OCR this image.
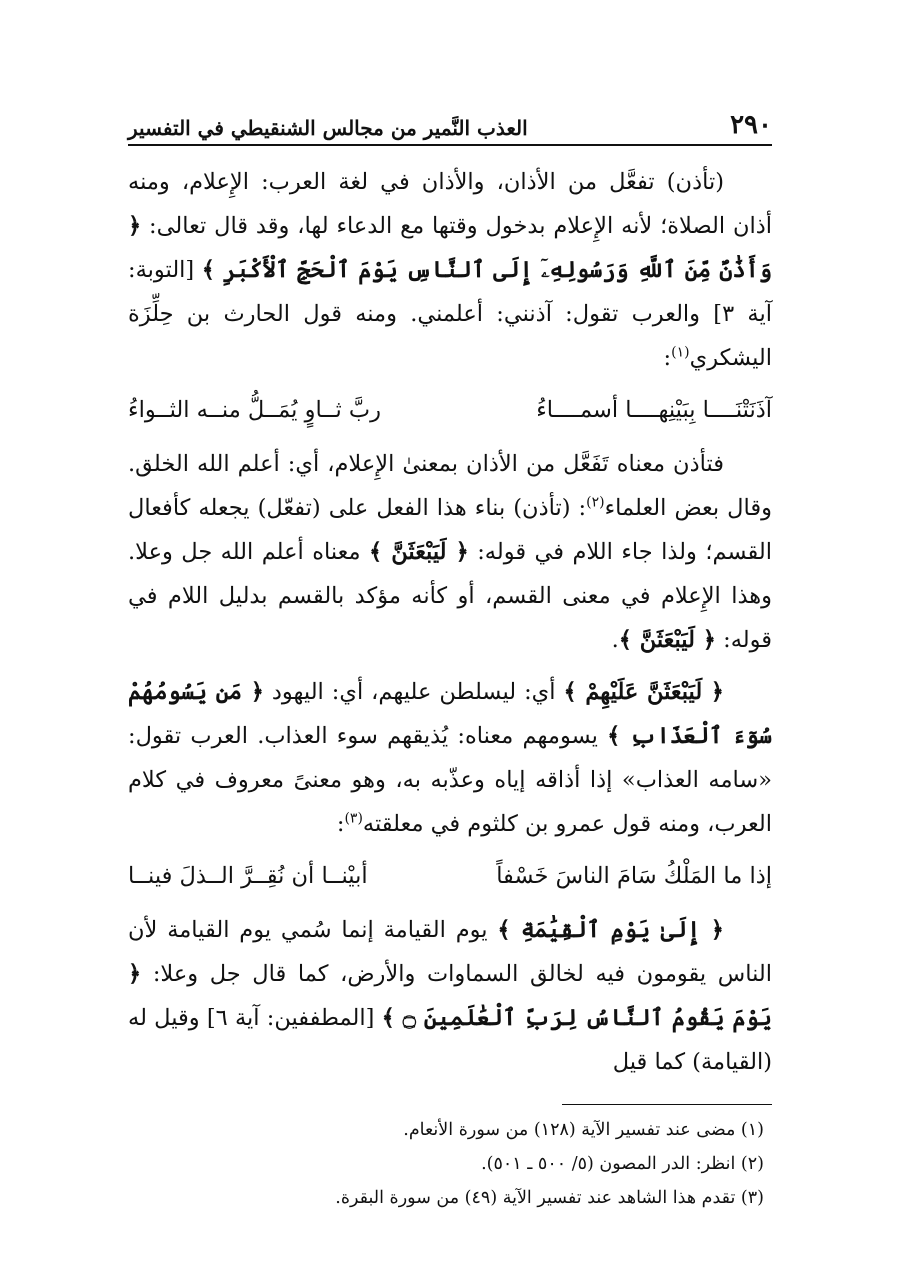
٢٩٠
العذب النَّمير من مجالس الشنقيطي في التفسير

(تأذن) تفعَّل من الأذان، والأذان في لغة العرب: الإِعلام، ومنه أذان الصلاة؛ لأنه الإِعلام بدخول وقتها مع الدعاء لها، وقد قال تعالى: ﴿ وَأَذَٰنٌ مِّنَ ٱللَّهِ وَرَسُولِهِۦٓ إِلَى ٱلنَّاسِ يَوْمَ ٱلْحَجِّ ٱلْأَكْبَرِ ﴾ [التوبة: آية ٣] والعرب تقول: آذنني: أعلمني. ومنه قول الحارث بن حِلِّزَة اليشكري$^{(١)}$:

آذَنَتْنَــــا بِبَيْنِهــــا أسمــــاءُ
ربَّ ثــاوٍ يُمَــلُّ منــه الثــواءُ

فتأذن معناه تَفَعَّل من الأذان بمعنىٰ الإِعلام، أي: أعلم الله الخلق. وقال بعض العلماء$^{(٢)}$: (تأذن) بناء هذا الفعل على (تفعّل) يجعله كأفعال القسم؛ ولذا جاء اللام في قوله: ﴿ لَيَبْعَثَنَّ ﴾ معناه أعلم الله جل وعلا. وهذا الإِعلام في معنى القسم، أو كأنه مؤكد بالقسم بدليل اللام في قوله: ﴿ لَيَبْعَثَنَّ ﴾.

﴿ لَيَبْعَثَنَّ عَلَيْهِمْ ﴾ أي: ليسلطن عليهم، أي: اليهود ﴿ مَن يَسُومُهُمْ سُوٓءَ ٱلْعَذَابِ ﴾ يسومهم معناه: يُذيقهم سوء العذاب. العرب تقول: «سامه العذاب» إذا أذاقه إياه وعذّبه به، وهو معنىً معروف في كلام العرب، ومنه قول عمرو بن كلثوم في معلقته$^{(٣)}$:

إذا ما المَلْكُ سَامَ الناسَ خَسْفاً
أبيْنــا أن نُقِــرَّ الــذلَ فينــا

﴿ إِلَىٰ يَوْمِ ٱلْقِيَٰمَةِ ﴾ يوم القيامة إنما سُمي يوم القيامة لأن الناس يقومون فيه لخالق السماوات والأرض، كما قال جل وعلا: ﴿ يَوْمَ يَقُومُ ٱلنَّاسُ لِرَبِّ ٱلْعَٰلَمِينَ ۝ ﴾ [المطففين: آية ٦] وقيل له (القيامة) كما قيل

(١) مضى عند تفسير الآية (١٢٨) من سورة الأنعام.
(٢) انظر: الدر المصون (٥/ ٥٠٠ ـ ٥٠١).
(٣) تقدم هذا الشاهد عند تفسير الآية (٤٩) من سورة البقرة.
